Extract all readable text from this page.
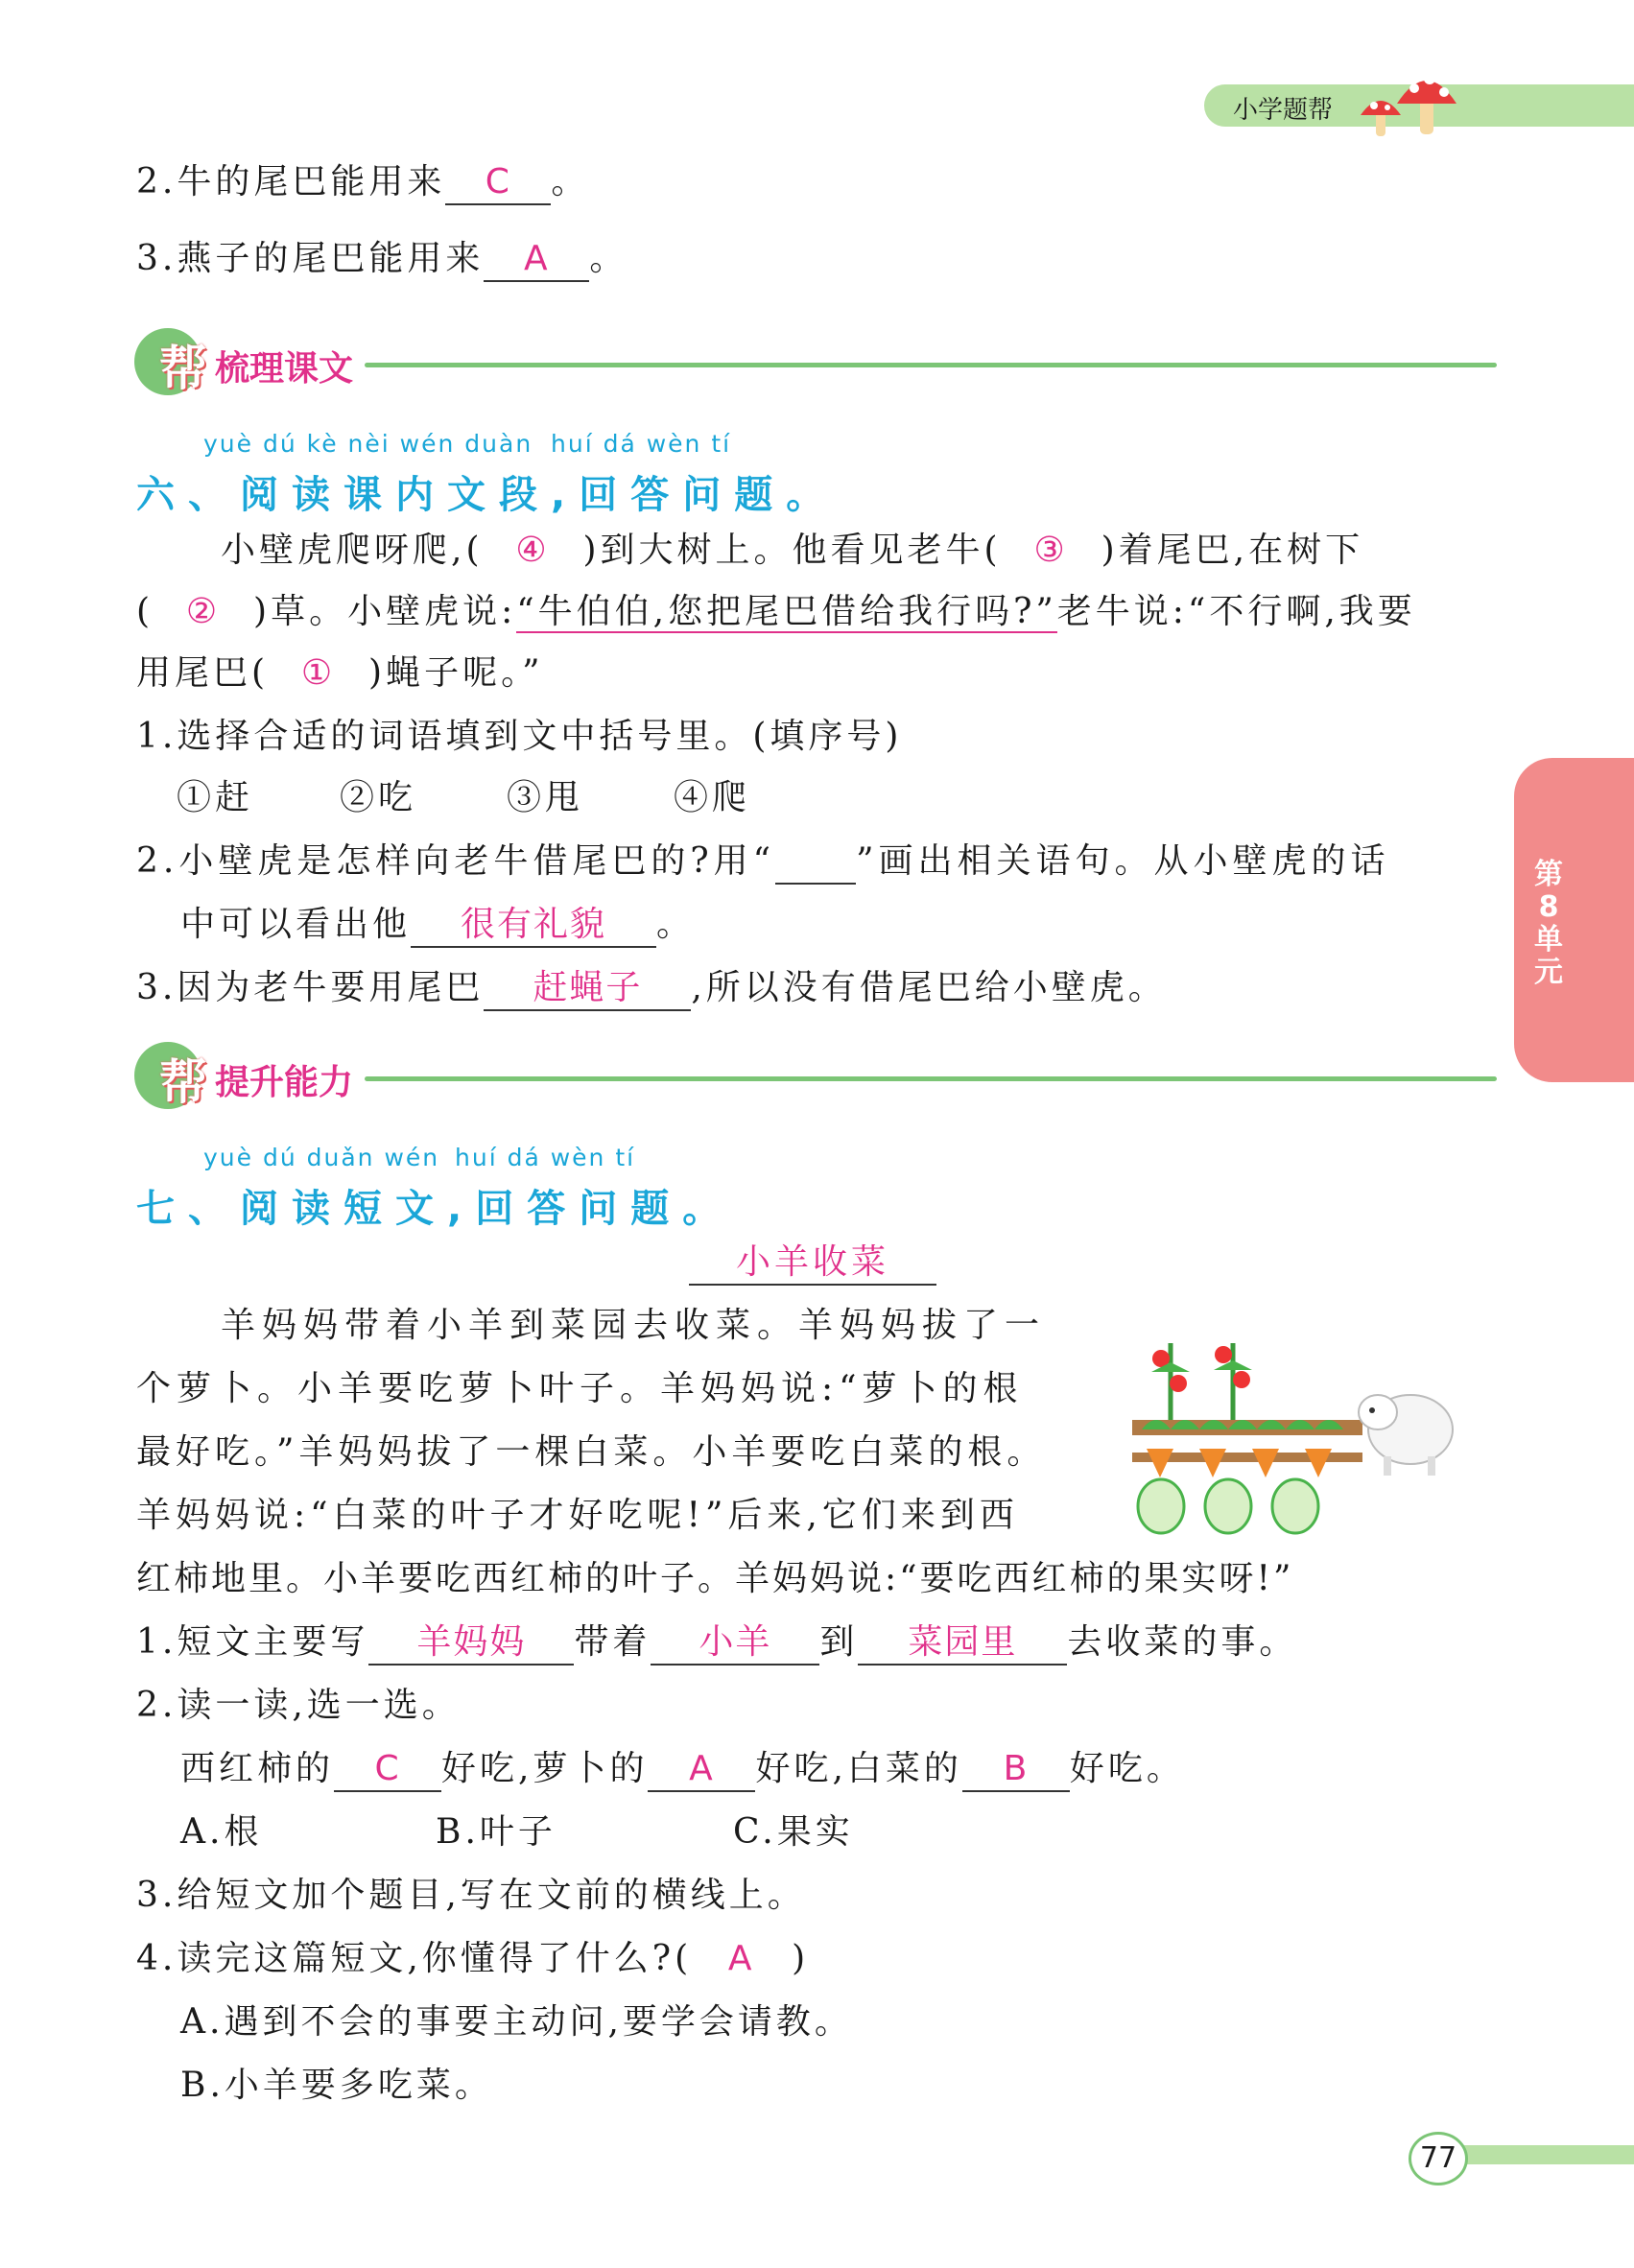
小学题帮
第8单元
2.牛的尾巴能用来 C 。
3.燕子的尾巴能用来 A 。
帮 梳理课文
yuè dú kè nèi wén duàn huí dá wèn tí
六、阅读课内文段,回答问题。
小壁虎爬呀爬,( ④ )到大树上。他看见老牛( ③ )着尾巴,在树下
( ② )草。小壁虎说:“牛伯伯,您把尾巴借给我行吗?”老牛说:“不行啊,我要
用尾巴( ① )蝇子呢。”
1.选择合适的词语填到文中括号里。(填序号)
①赶 ②吃	③甩	④爬
2.小壁虎是怎样向老牛借尾巴的?用“ ”画出相关语句。从小壁虎的话
中可以看出他 很有礼貌 。
3.因为老牛要用尾巴 赶蝇子 ,所以没有借尾巴给小壁虎。
帮 提升能力
yuè dú duǎn wén huí dá wèn tí
七、阅读短文,回答问题。
小羊收菜
羊妈妈带着小羊到菜园去收菜。羊妈妈拔了一
个萝卜。小羊要吃萝卜叶子。羊妈妈说:“萝卜的根
最好吃。”羊妈妈拔了一棵白菜。小羊要吃白菜的根。
羊妈妈说:“白菜的叶子才好吃呢!”后来,它们来到西
红柿地里。小羊要吃西红柿的叶子。羊妈妈说:“要吃西红柿的果实呀!”
1.短文主要写 羊妈妈 带着 小羊 到 菜园里 去收菜的事。
2.读一读,选一选。
西红柿的 C 好吃,萝卜的 A 好吃,白菜的 B 好吃。
A.根	B.叶子	C.果实
3.给短文加个题目,写在文前的横线上。
4.读完这篇短文,你懂得了什么?( A )
A.遇到不会的事要主动问,要学会请教。
B.小羊要多吃菜。
77
